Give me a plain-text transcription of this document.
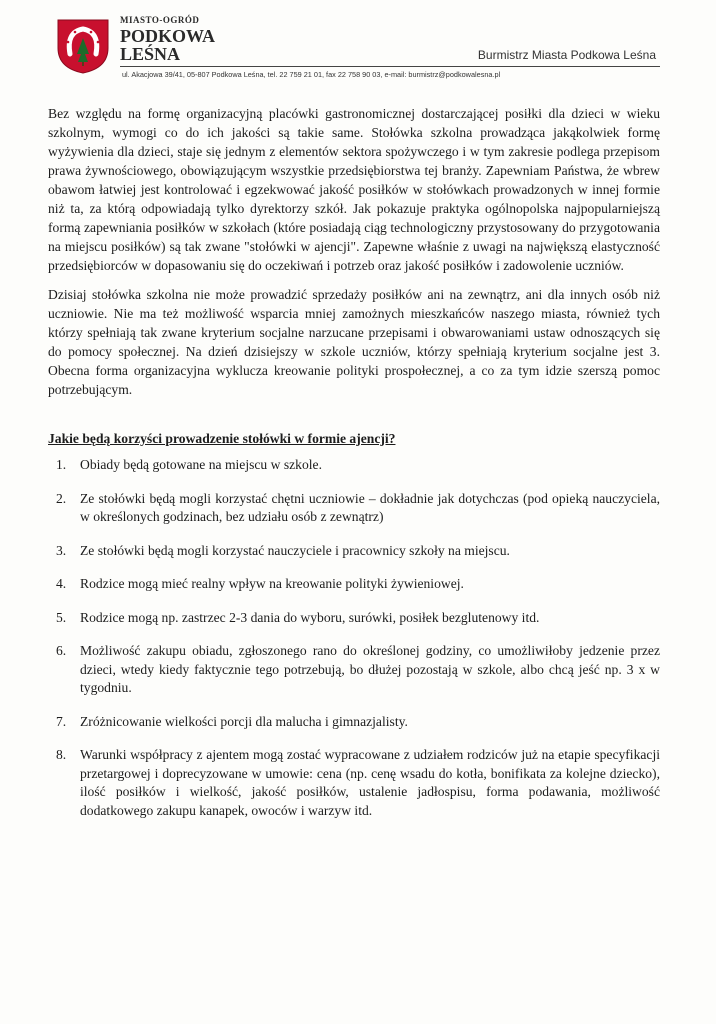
MIASTO-OGRÓD
PODKOWA
LEŚNA	Burmistrz Miasta Podkowa Leśna
ul. Akacjowa 39/41, 05-807 Podkowa Leśna, tel. 22 759 21 01, fax 22 758 90 03, e-mail: burmistrz@podkowalesna.pl

Bez względu na formę organizacyjną placówki gastronomicznej dostarczającej posiłki dla dzieci w wieku szkolnym, wymogi co do ich jakości są takie same. Stołówka szkolna prowadząca jakąkolwiek formę wyżywienia dla dzieci, staje się jednym z elementów sektora spożywczego i w tym zakresie podlega przepisom prawa żywnościowego, obowiązującym wszystkie przedsiębiorstwa tej branży. Zapewniam Państwa, że wbrew obawom łatwiej jest kontrolować i egzekwować jakość posiłków w stołówkach prowadzonych w innej formie niż ta, za którą odpowiadają tylko dyrektorzy szkół. Jak pokazuje praktyka ogólnopolska najpopularniejszą formą zapewniania posiłków w szkołach (które posiadają ciąg technologiczny przystosowany do przygotowania na miejscu posiłków) są tak zwane "stołówki w ajencji". Zapewne właśnie z uwagi na największą elastyczność przedsiębiorców w dopasowaniu się do oczekiwań i potrzeb oraz jakość posiłków i zadowolenie uczniów.

Dzisiaj stołówka szkolna nie może prowadzić sprzedaży posiłków ani na zewnątrz, ani dla innych osób niż uczniowie. Nie ma też możliwość wsparcia mniej zamożnych mieszkańców naszego miasta, również tych którzy spełniają tak zwane kryterium socjalne narzucane przepisami i obwarowaniami ustaw odnoszących się do pomocy społecznej. Na dzień dzisiejszy w szkole uczniów, którzy spełniają kryterium socjalne jest 3. Obecna forma organizacyjna wyklucza kreowanie polityki prospołecznej, a co za tym idzie szerszą pomoc potrzebującym.

Jakie będą korzyści prowadzenie stołówki w formie ajencji?
1. Obiady będą gotowane na miejscu w szkole.
2. Ze stołówki będą mogli korzystać chętni uczniowie – dokładnie jak dotychczas (pod opieką nauczyciela, w określonych godzinach, bez udziału osób z zewnątrz)
3. Ze stołówki będą mogli korzystać nauczyciele i pracownicy szkoły na miejscu.
4. Rodzice mogą mieć realny wpływ na kreowanie polityki żywieniowej.
5. Rodzice mogą np. zastrzec 2-3 dania do wyboru, surówki, posiłek bezglutenowy itd.
6. Możliwość zakupu obiadu, zgłoszonego rano do określonej godziny, co umożliwiłoby jedzenie przez dzieci, wtedy kiedy faktycznie tego potrzebują, bo dłużej pozostają w szkole, albo chcą jeść np. 3 x w tygodniu.
7. Zróżnicowanie wielkości porcji dla malucha i gimnazjalisty.
8. Warunki współpracy z ajentem mogą zostać wypracowane z udziałem rodziców już na etapie specyfikacji przetargowej i doprecyzowane w umowie: cena (np. cenę wsadu do kotła, bonifikata za kolejne dziecko), ilość posiłków i wielkość, jakość posiłków, ustalenie jadłospisu, forma podawania, możliwość dodatkowego zakupu kanapek, owoców i warzyw itd.
